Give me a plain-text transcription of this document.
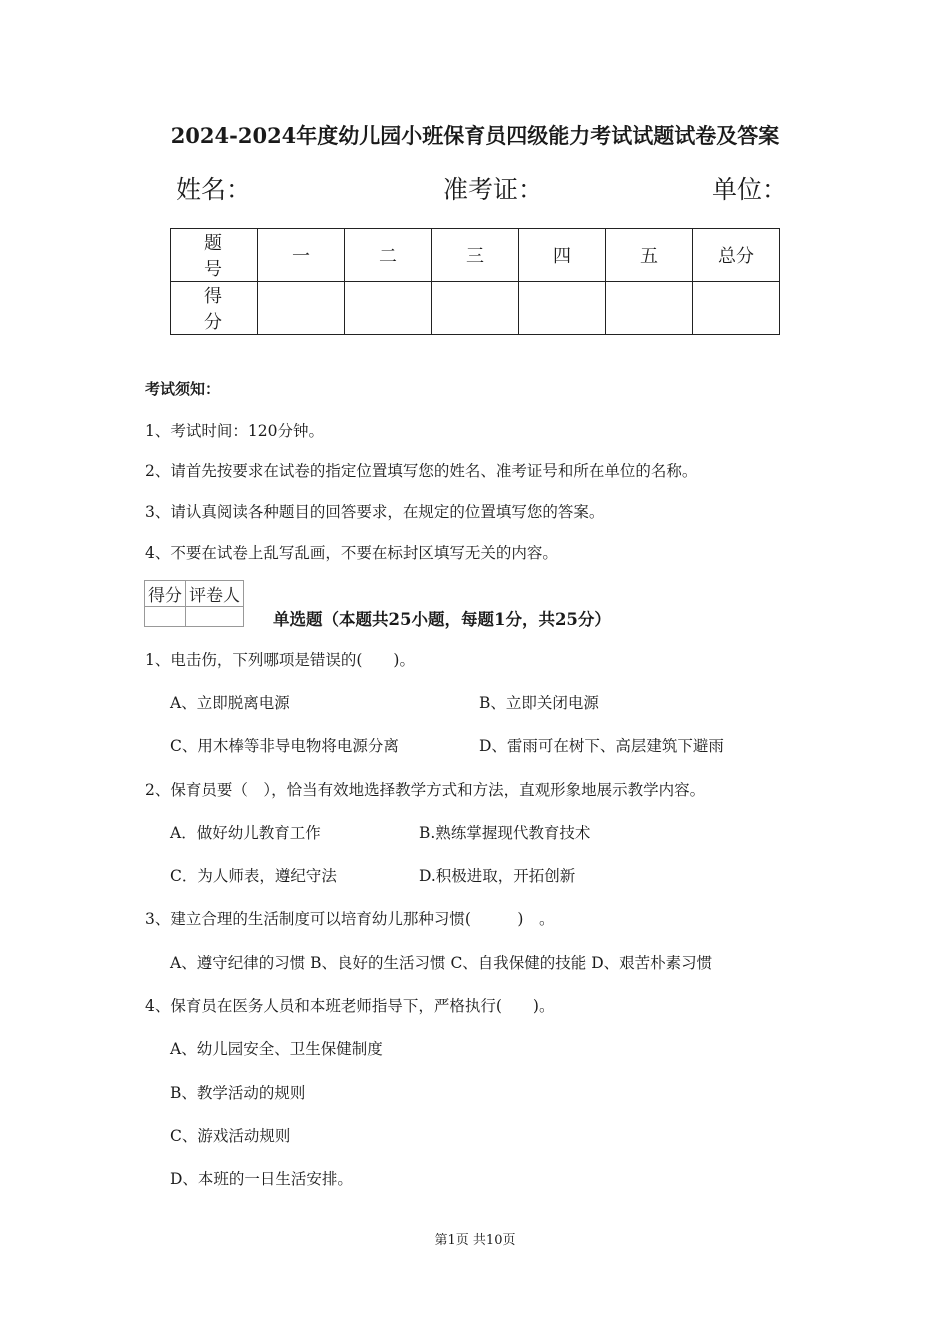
2024-2024年度幼儿园小班保育员四级能力考试试题试卷及答案
姓名：	准考证：	单位：
题 号	一	二	三	四	五	总分
得 分						
考试须知：
1、考试时间：120分钟。
2、请首先按要求在试卷的指定位置填写您的姓名、准考证号和所在单位的名称。
3、请认真阅读各种题目的回答要求，在规定的位置填写您的答案。
4、不要在试卷上乱写乱画，不要在标封区填写无关的内容。
得分	评卷人

单选题（本题共25小题，每题1分，共25分）
1、电击伤，下列哪项是错误的(　　)。
A、立即脱离电源	B、立即关闭电源
C、用木棒等非导电物将电源分离	D、雷雨可在树下、高层建筑下避雨
2、保育员要（　），恰当有效地选择教学方式和方法，直观形象地展示教学内容。
A．做好幼儿教育工作	B.熟练掌握现代教育技术
C．为人师表，遵纪守法	D.积极进取，开拓创新
3、建立合理的生活制度可以培育幼儿那种习惯(　　　)　。
A、遵守纪律的习惯 B、良好的生活习惯 C、自我保健的技能 D、艰苦朴素习惯
4、保育员在医务人员和本班老师指导下，严格执行(　　)。
A、幼儿园安全、卫生保健制度
B、教学活动的规则
C、游戏活动规则
D、本班的一日生活安排。
第1页 共10页
